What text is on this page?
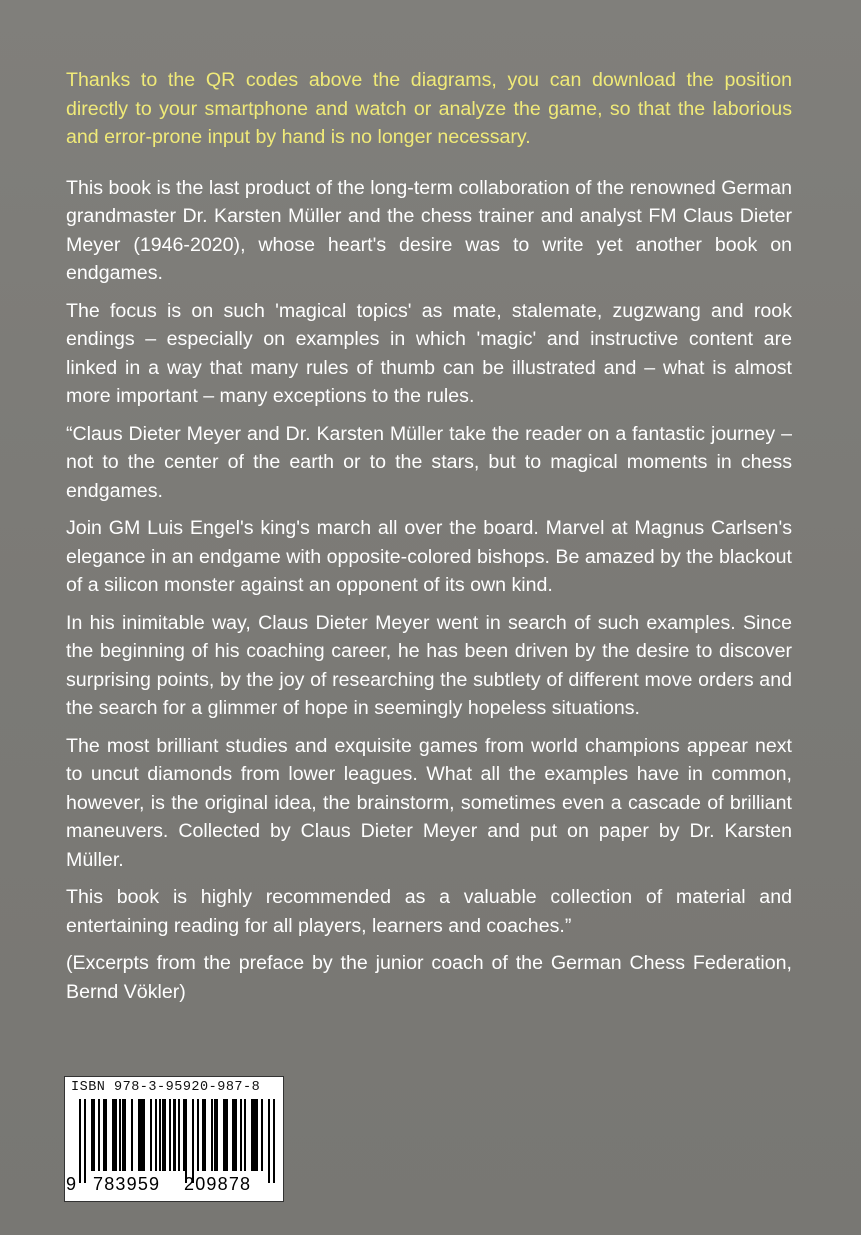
Thanks to the QR codes above the diagrams, you can download the position directly to your smartphone and watch or analyze the game, so that the laborious and error-prone input by hand is no longer necessary.

This book is the last product of the long-term collaboration of the renowned German grandmaster Dr. Karsten Müller and the chess trainer and analyst FM Claus Dieter Meyer (1946-2020), whose heart's desire was to write yet another book on endgames.

The focus is on such 'magical topics' as mate, stalemate, zugzwang and rook endings – especially on examples in which 'magic' and instructive content are linked in a way that many rules of thumb can be illustrated and – what is almost more important – many exceptions to the rules.

“Claus Dieter Meyer and Dr. Karsten Müller take the reader on a fantastic journey – not to the center of the earth or to the stars, but to magical moments in chess endgames.

Join GM Luis Engel's king's march all over the board. Marvel at Magnus Carlsen's elegance in an endgame with opposite-colored bishops. Be amazed by the blackout of a silicon monster against an opponent of its own kind.

In his inimitable way, Claus Dieter Meyer went in search of such examples. Since the beginning of his coaching career, he has been driven by the desire to discover surprising points, by the joy of researching the subtlety of different move orders and the search for a glimmer of hope in seemingly hopeless situations.

The most brilliant studies and exquisite games from world champions appear next to uncut diamonds from lower leagues. What all the examples have in common, however, is the original idea, the brainstorm, sometimes even a cascade of brilliant maneuvers. Collected by Claus Dieter Meyer and put on paper by Dr. Karsten Müller.

This book is highly recommended as a valuable collection of material and entertaining reading for all players, learners and coaches.”

(Excerpts from the preface by the junior coach of the German Chess Federation, Bernd Vökler)

ISBN 978-3-95920-987-8
9 783959 209878
